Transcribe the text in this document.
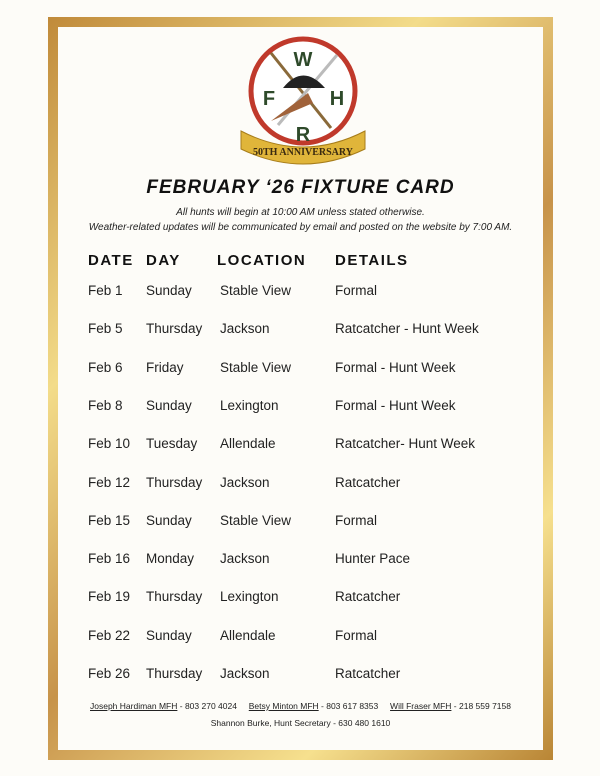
W
F	H
R
50TH ANNIVERSARY
FEBRUARY ‘26 FIXTURE CARD
All hunts will begin at 10:00 AM unless stated otherwise.
Weather-related updates will be communicated by email and posted on the website by 7:00 AM.
DATE DAY LOCATION DETAILS
Feb 1 Sunday Stable View	Formal
Feb 5 Thursday Jackson	Ratcatcher - Hunt Week
Feb 6 Friday	Stable View	Formal - Hunt Week
Feb 8 Sunday Lexington	Formal - Hunt Week
Feb 10 Tuesday Allendale	Ratcatcher- Hunt Week
Feb 12 Thursday Jackson	Ratcatcher
Feb 15 Sunday Stable View	Formal
Feb 16 Monday Jackson	Hunter Pace
Feb 19 Thursday Lexington	Ratcatcher
Feb 22 Sunday Allendale	Formal
Feb 26 Thursday Jackson	Ratcatcher
Joseph Hardiman MFH - 803 270 4024 Betsy Minton MFH - 803 617 8353 Will Fraser MFH - 218 559 7158
Shannon Burke, Hunt Secretary - 630 480 1610
